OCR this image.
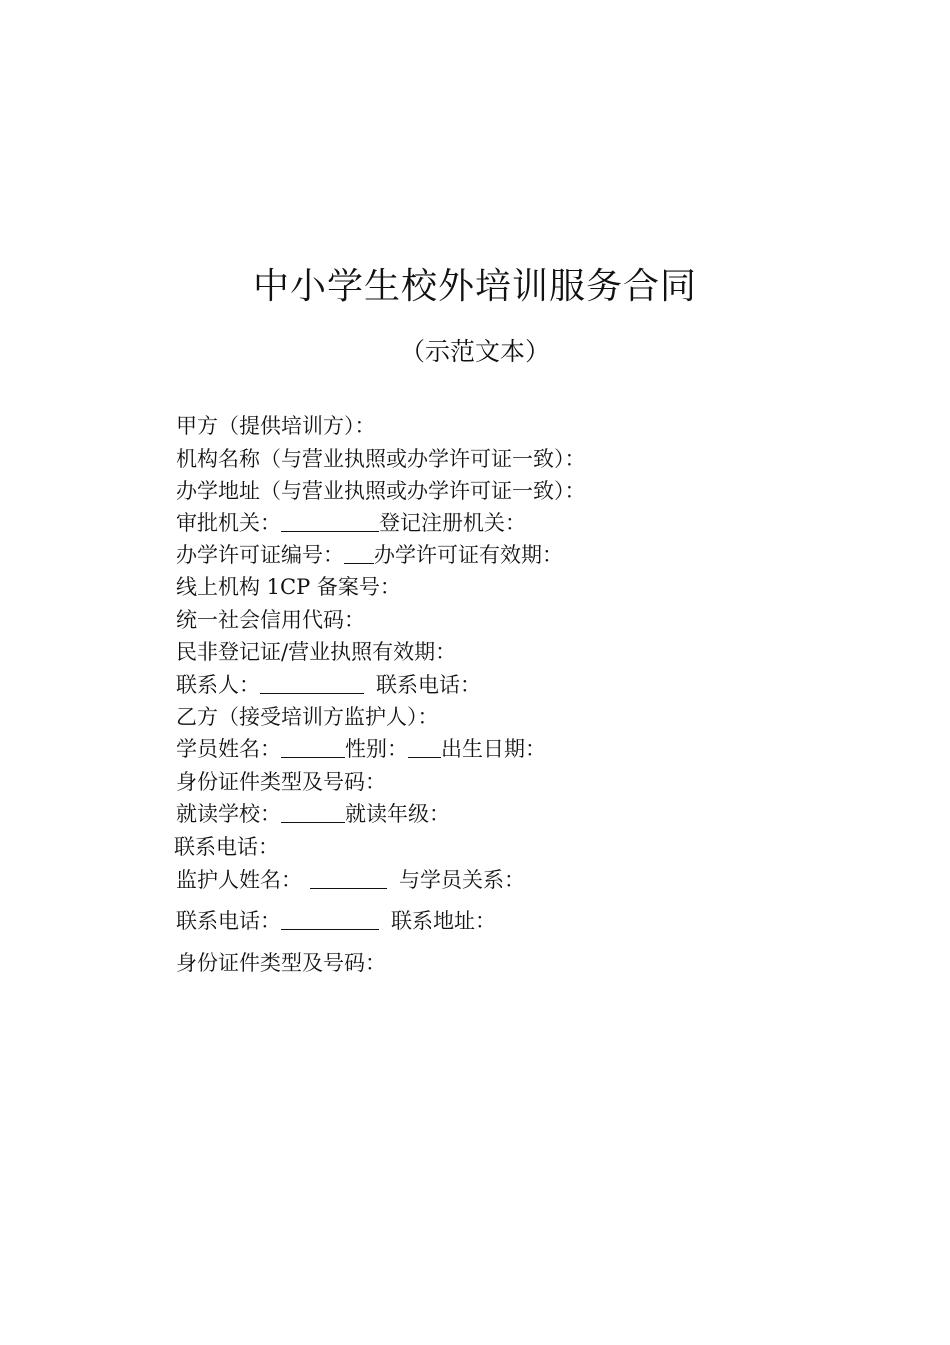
中小学生校外培训服务合同
（示范文本）
甲方（提供培训方）：
机构名称（与营业执照或办学许可证一致）：
办学地址（与营业执照或办学许可证一致）：
审批机关：	登记注册机关：
办学许可证编号： 办学许可证有效期：
线上机构 1CP 备案号：
统一社会信用代码：
民非登记证/营业执照有效期：
联系人：	联系电话：
乙方（接受培训方监护人）：
学员姓名：	性别： 出生日期：
身份证件类型及号码：
就读学校：	就读年级：
联系电话：
监护人姓名：	与学员关系：
联系电话：	联系地址：
身份证件类型及号码：
